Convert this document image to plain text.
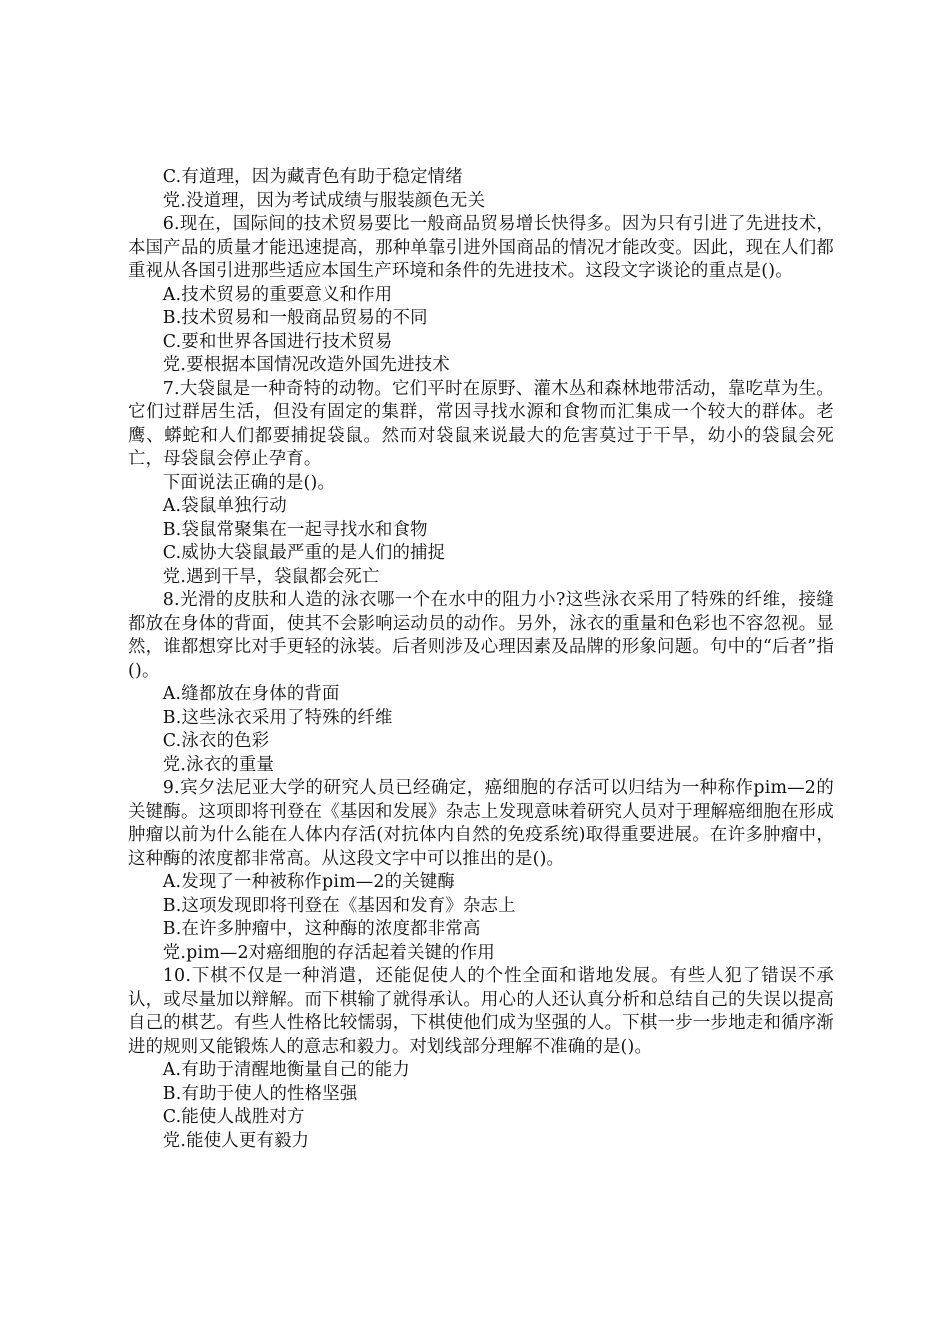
C.有道理，因为藏青色有助于稳定情绪

党.没道理，因为考试成绩与服装颜色无关

6.现在，国际间的技术贸易要比一般商品贸易增长快得多。因为只有引进了先进技术，本国产品的质量才能迅速提高，那种单靠引进外国商品的情况才能改变。因此，现在人们都重视从各国引进那些适应本国生产环境和条件的先进技术。这段文字谈论的重点是()。

A.技术贸易的重要意义和作用

B.技术贸易和一般商品贸易的不同

C.要和世界各国进行技术贸易

党.要根据本国情况改造外国先进技术

7.大袋鼠是一种奇特的动物。它们平时在原野、灌木丛和森林地带活动，靠吃草为生。它们过群居生活，但没有固定的集群，常因寻找水源和食物而汇集成一个较大的群体。老鹰、蟒蛇和人们都要捕捉袋鼠。然而对袋鼠来说最大的危害莫过于干旱，幼小的袋鼠会死亡，母袋鼠会停止孕育。

下面说法正确的是()。

A.袋鼠单独行动

B.袋鼠常聚集在一起寻找水和食物

C.威协大袋鼠最严重的是人们的捕捉

党.遇到干旱，袋鼠都会死亡

8.光滑的皮肤和人造的泳衣哪一个在水中的阻力小?这些泳衣采用了特殊的纤维，接缝都放在身体的背面，使其不会影响运动员的动作。另外，泳衣的重量和色彩也不容忽视。显然，谁都想穿比对手更轻的泳装。后者则涉及心理因素及品牌的形象问题。句中的“后者”指()。

A.缝都放在身体的背面

B.这些泳衣采用了特殊的纤维

C.泳衣的色彩

党.泳衣的重量

9.宾夕法尼亚大学的研究人员已经确定，癌细胞的存活可以归结为一种称作pim—2的关键酶。这项即将刊登在《基因和发展》杂志上发现意味着研究人员对于理解癌细胞在形成肿瘤以前为什么能在人体内存活(对抗体内自然的免疫系统)取得重要进展。在许多肿瘤中，这种酶的浓度都非常高。从这段文字中可以推出的是()。

A.发现了一种被称作pim—2的关键酶

B.这项发现即将刊登在《基因和发育》杂志上

B.在许多肿瘤中，这种酶的浓度都非常高

党.pim—2对癌细胞的存活起着关键的作用

10.下棋不仅是一种消遣，还能促使人的个性全面和谐地发展。有些人犯了错误不承认，或尽量加以辩解。而下棋输了就得承认。用心的人还认真分析和总结自己的失误以提高自己的棋艺。有些人性格比较懦弱，下棋使他们成为坚强的人。下棋一步一步地走和循序渐进的规则又能锻炼人的意志和毅力。对划线部分理解不准确的是()。

A.有助于清醒地衡量自己的能力

B.有助于使人的性格坚强

C.能使人战胜对方

党.能使人更有毅力
